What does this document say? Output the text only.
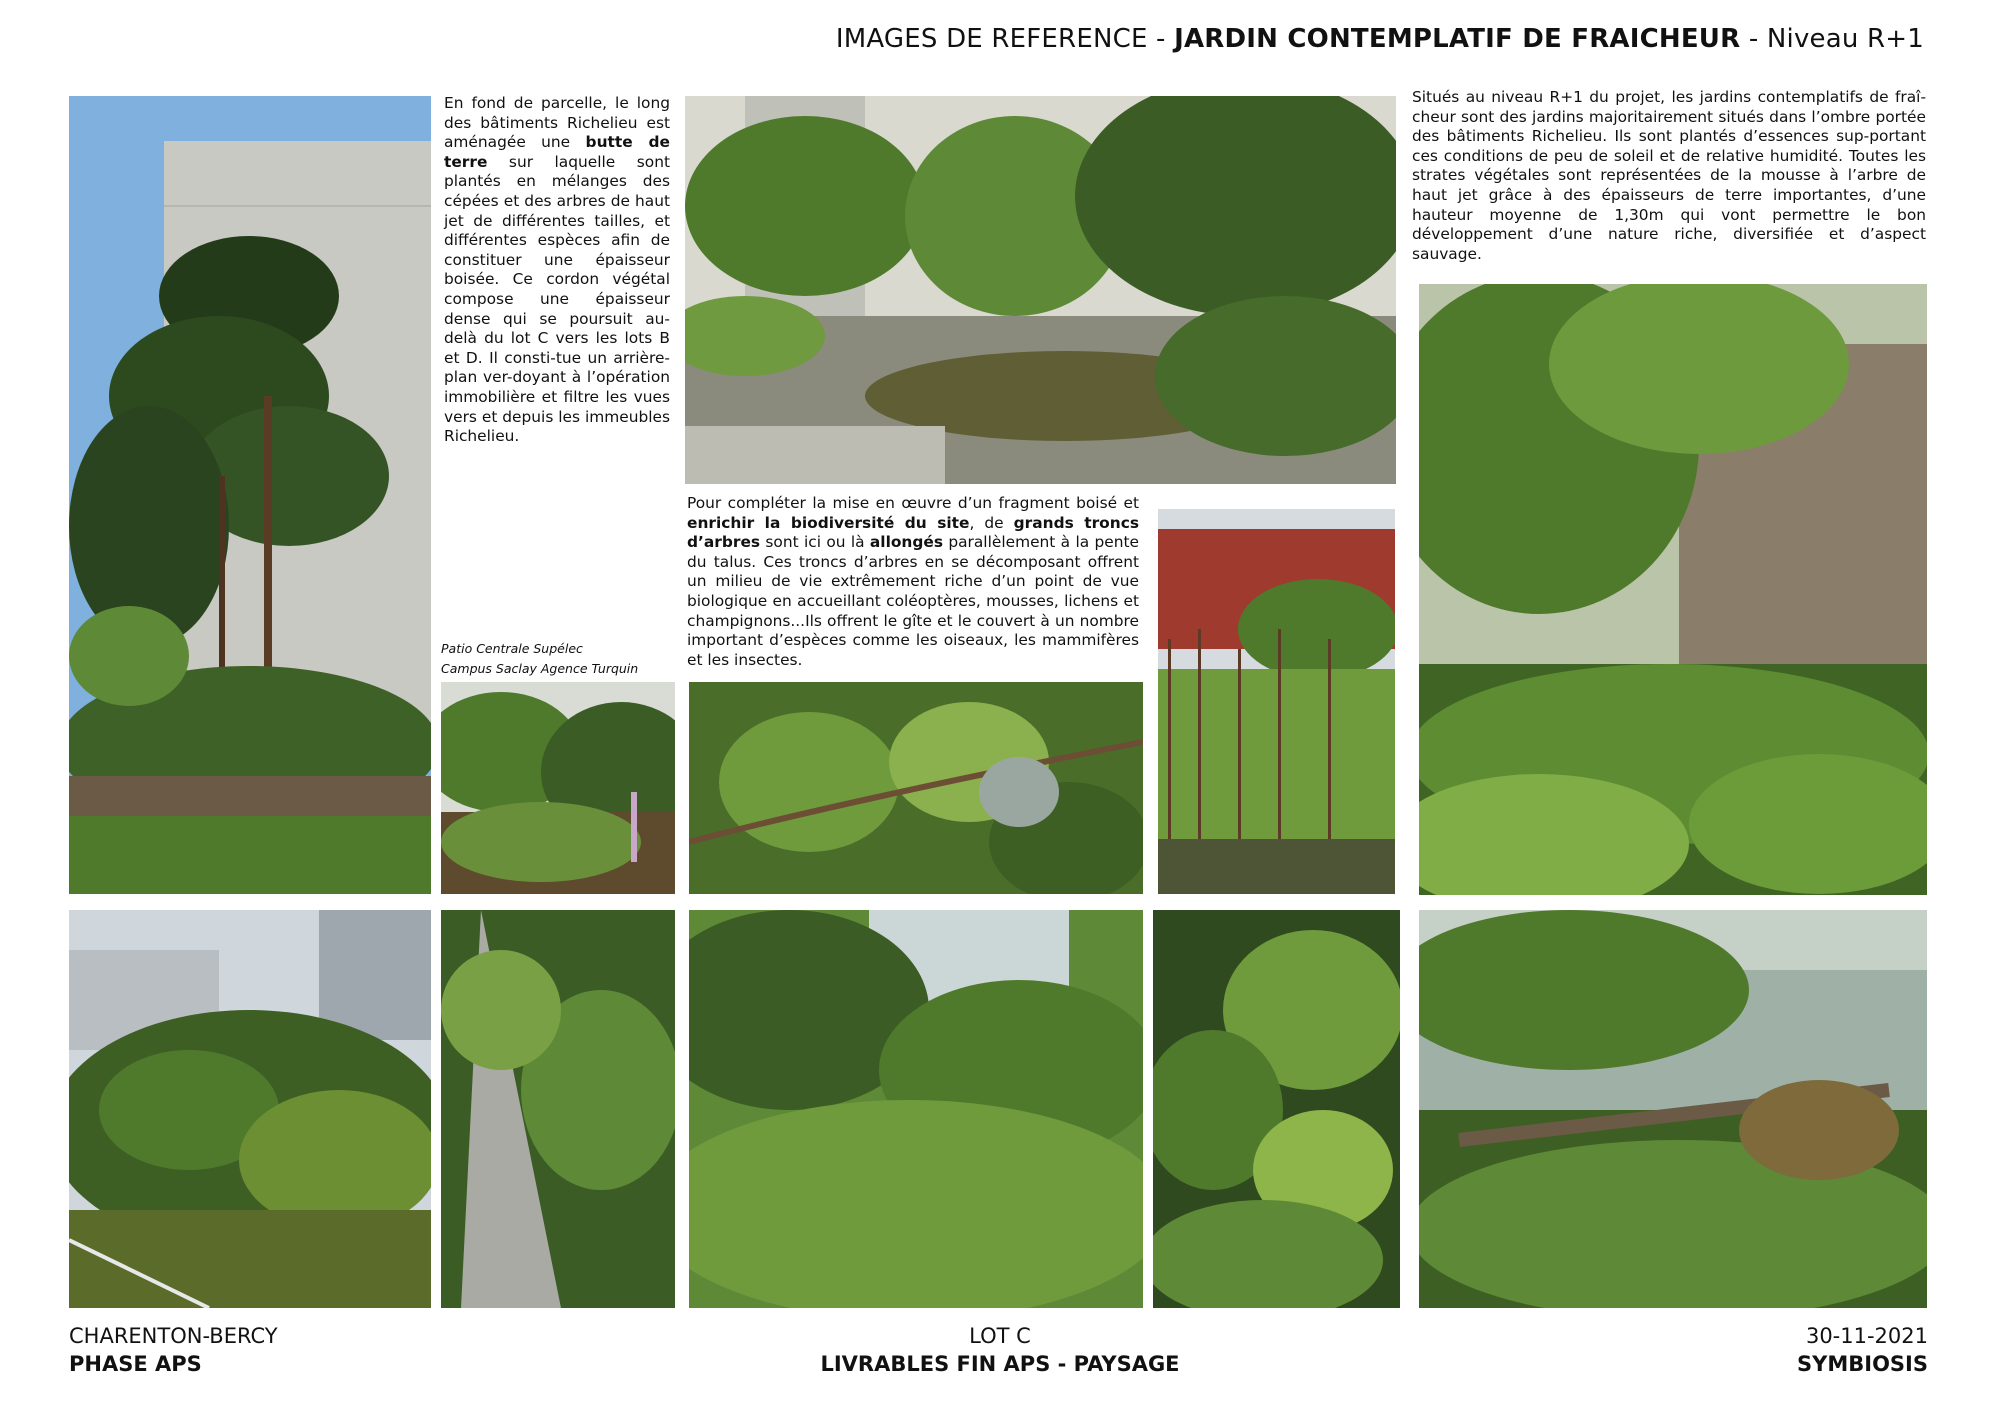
IMAGES DE REFERENCE - JARDIN CONTEMPLATIF DE FRAICHEUR - Niveau R+1
En fond de parcelle, le long des bâtiments Richelieu est aménagée une butte de terre sur laquelle sont plantés en mélanges des cépées et des arbres de haut jet de différentes tailles, et différentes espèces afin de constituer une épaisseur boisée. Ce cordon végétal compose une épaisseur dense qui se poursuit au-delà du lot C vers les lots B et D. Il consti-tue un arrière-plan ver-doyant à l’opération immobilière et filtre les vues vers et depuis les immeubles Richelieu.
Situés au niveau R+1 du projet, les jardins contemplatifs de fraî-cheur sont des jardins majoritairement situés dans l’ombre portée des bâtiments Richelieu. Ils sont plantés d’essences sup-portant ces conditions de peu de soleil et de relative humidité. Toutes les strates végétales sont représentées de la mousse à l’arbre de haut jet grâce à des épaisseurs de terre importantes, d’une hauteur moyenne de 1,30m qui vont permettre le bon développement d’une nature riche, diversifiée et d’aspect sauvage.
Pour compléter la mise en œuvre d’un fragment boisé et enrichir la biodiversité du site, de grands troncs d’arbres sont ici ou là allongés parallèlement à la pente du talus. Ces troncs d’arbres en se décomposant offrent un milieu de vie extrêmement riche d’un point de vue biologique en accueillant coléoptères, mousses, lichens et champignons...Ils offrent le gîte et le couvert à un nombre important d’espèces comme les oiseaux, les mammifères et les insectes.
Patio Centrale Supélec
Campus Saclay Agence Turquin
CHARENTON-BERCY
PHASE APS
LOT C
LIVRABLES FIN APS - PAYSAGE
30-11-2021
SYMBIOSIS
